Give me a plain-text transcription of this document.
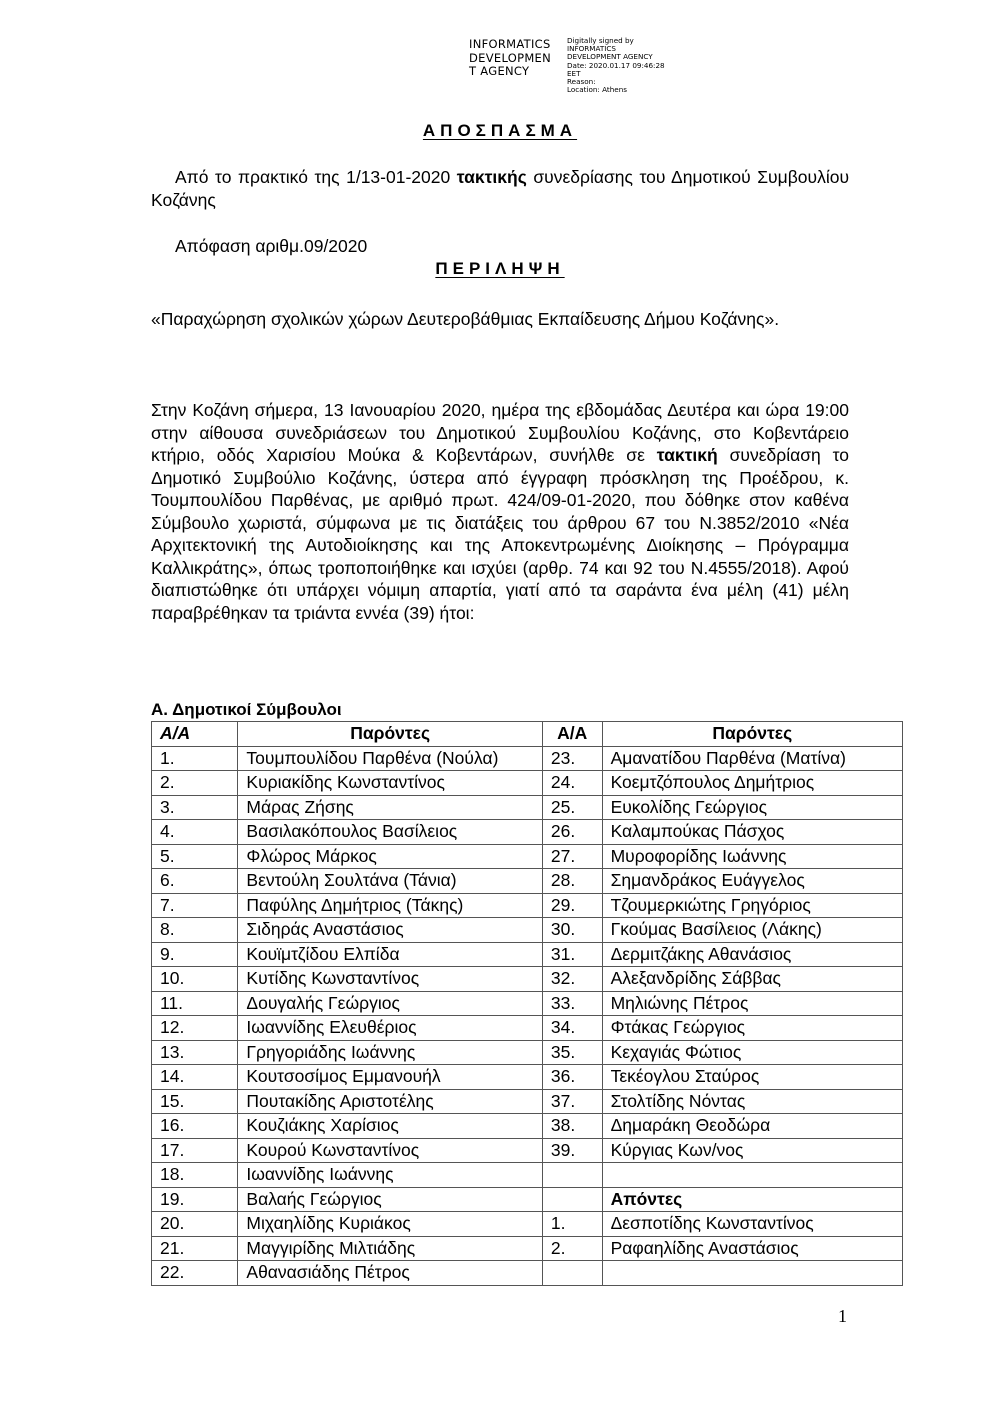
INFORMATICS
DEVELOPMEN
T AGENCY
Digitally signed by
INFORMATICS
DEVELOPMENT AGENCY
Date: 2020.01.17 09:46:28
EET
Reason:
Location: Athens
ΑΠΟΣΠΑΣΜΑ
Από το πρακτικό της 1/13-01-2020 τακτικής συνεδρίασης του Δημοτικού Συμβουλίου Κοζάνης
Απόφαση αριθμ.09/2020
ΠΕΡΙΛΗΨΗ
«Παραχώρηση σχολικών χώρων Δευτεροβάθμιας Εκπαίδευσης Δήμου Κοζάνης».
Στην Κοζάνη σήμερα, 13 Ιανουαρίου 2020, ημέρα της εβδομάδας Δευτέρα και ώρα 19:00 στην αίθουσα συνεδριάσεων του Δημοτικού Συμβουλίου Κοζάνης, στο Κοβεντάρειο κτήριο, οδός Χαρισίου Μούκα & Κοβεντάρων, συνήλθε σε τακτική συνεδρίαση το Δημοτικό Συμβούλιο Κοζάνης, ύστερα από έγγραφη πρόσκληση της Προέδρου, κ. Τουμπουλίδου Παρθένας, με αριθμό πρωτ. 424/09-01-2020, που δόθηκε στον καθένα Σύμβουλο χωριστά, σύμφωνα με τις διατάξεις του άρθρου 67 του Ν.3852/2010 «Νέα Αρχιτεκτονική της Αυτοδιοίκησης και της Αποκεντρωμένης Διοίκησης – Πρόγραμμα Καλλικράτης», όπως τροποποιήθηκε και ισχύει (αρθρ. 74 και 92 του Ν.4555/2018). Αφού διαπιστώθηκε ότι υπάρχει νόμιμη απαρτία, γιατί από τα σαράντα ένα μέλη (41) μέλη παραβρέθηκαν τα τριάντα εννέα (39) ήτοι:
Α. Δημοτικοί Σύμβουλοι
Α/Α	Παρόντες	Α/Α	Παρόντες
1.	Τουμπουλίδου Παρθένα (Νούλα)	23.	Αμανατίδου Παρθένα (Ματίνα)
2.	Κυριακίδης Κωνσταντίνος	24.	Κοεμτζόπουλος Δημήτριος
3.	Μάρας Ζήσης	25.	Ευκολίδης Γεώργιος
4.	Βασιλακόπουλος Βασίλειος	26.	Καλαμπούκας Πάσχος
5.	Φλώρος Μάρκος	27.	Μυροφορίδης Ιωάννης
6.	Βεντούλη Σουλτάνα (Τάνια)	28.	Σημανδράκος Ευάγγελος
7.	Παφύλης Δημήτριος (Τάκης)	29.	Τζουμερκιώτης Γρηγόριος
8.	Σιδηράς Αναστάσιος	30.	Γκούμας Βασίλειος (Λάκης)
9.	Κουϊμτζίδου Ελπίδα	31.	Δερμιτζάκης Αθανάσιος
10.	Κυτίδης Κωνσταντίνος	32.	Αλεξανδρίδης Σάββας
11.	Δουγαλής Γεώργιος	33.	Μηλιώνης Πέτρος
12.	Ιωαννίδης Ελευθέριος	34.	Φτάκας Γεώργιος
13.	Γρηγοριάδης Ιωάννης	35.	Κεχαγιάς Φώτιος
14.	Κουτσοσίμος Εμμανουήλ	36.	Τεκέογλου Σταύρος
15.	Πουτακίδης Αριστοτέλης	37.	Στολτίδης Νόντας
16.	Κουζιάκης Χαρίσιος	38.	Δημαράκη Θεοδώρα
17.	Κουρού Κωνσταντίνος	39.	Κύργιας Κων/νος
18.	Ιωαννίδης Ιωάννης		
19.	Βαλαής Γεώργιος		Απόντες
20.	Μιχαηλίδης Κυριάκος	1.	Δεσποτίδης Κωνσταντίνος
21.	Μαγγιρίδης Μιλτιάδης	2.	Ραφαηλίδης Αναστάσιος
22.	Αθανασιάδης Πέτρος		
1
